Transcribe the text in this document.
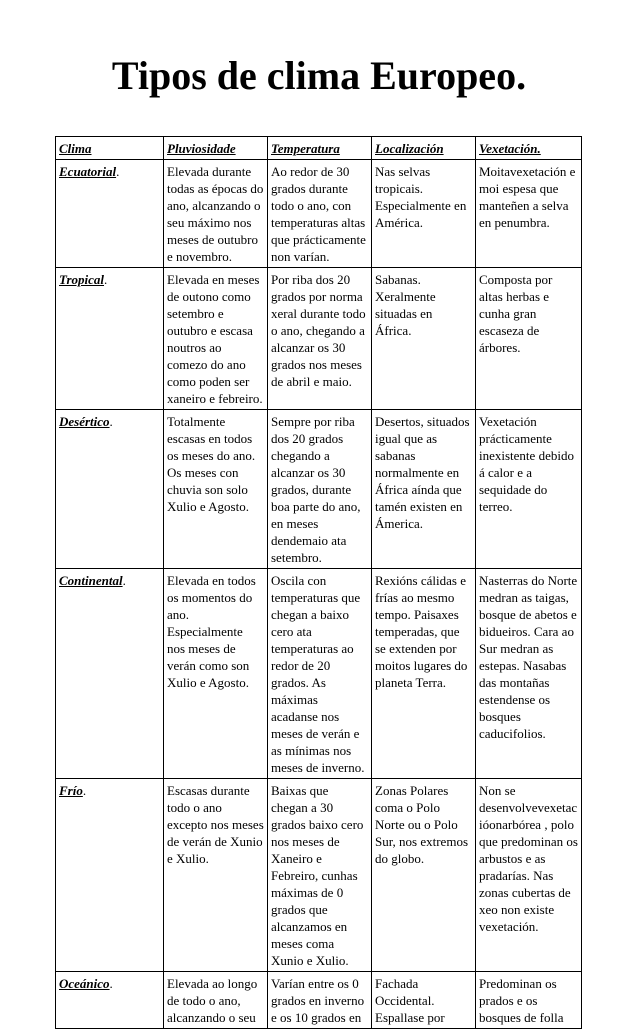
Tipos de clima Europeo.
Clima	Pluviosidade	Temperatura	Localización	Vexetación.
Ecuatorial.	Elevada durante todas as épocas do ano, alcanzando o seu máximo nos meses de outubro e novembro.	Ao redor de 30 grados durante todo o ano, con temperaturas altas que prácticamente non varían.	Nas selvas tropicais. Especialmente en América.	Moitavexetación e moi espesa que manteñen a selva en penumbra.
Tropical.	Elevada en meses de outono como setembro e outubro e escasa noutros ao comezo do ano como poden ser xaneiro e febreiro.	Por riba dos 20 grados por norma xeral durante todo o ano, chegando a alcanzar os 30 grados nos meses de abril e maio.	Sabanas. Xeralmente situadas en África.	Composta por altas herbas e cunha gran escaseza de árbores.
Desértico.	Totalmente escasas en todos os meses do ano. Os meses con chuvia son solo Xulio e Agosto.	Sempre por riba dos 20 grados chegando a alcanzar os 30 grados, durante boa parte do ano, en meses dendemaio ata setembro.	Desertos, situados igual que as sabanas normalmente en África aínda que tamén existen en Ámerica.	Vexetación prácticamente inexistente debido á calor e a sequidade do terreo.
Continental.	Elevada en todos os momentos do ano. Especialmente nos meses de verán como son Xulio e Agosto.	Oscila con temperaturas que chegan a baixo cero ata temperaturas ao redor de 20 grados. As máximas acadanse nos meses de verán e as mínimas nos meses de inverno.	Rexións cálidas e frías ao mesmo tempo. Paisaxes temperadas, que se extenden por moitos lugares do planeta Terra.	Nasterras do Norte medran as taigas, bosque de abetos e bidueiros. Cara ao Sur medran as estepas. Nasabas das montañas estendense os bosques caducifolios.
Frío.	Escasas durante todo o ano excepto nos meses de verán de Xunio e Xulio.	Baixas que chegan a 30 grados baixo cero nos meses de Xaneiro e Febreiro, cunhas máximas de 0 grados que alcanzamos en meses coma Xunio e Xulio.	Zonas Polares coma o Polo Norte ou o Polo Sur, nos extremos do globo.	Non se desenvolvevexetacióonarbórea , polo que predominan os arbustos e as pradarías. Nas zonas cubertas de xeo non existe vexetación.
Oceánico.	Elevada ao longo de todo o ano, alcanzando o seu	Varían entre os 0 grados en inverno e os 10 grados en	Fachada Occidental. Espallase por	Predominan os prados e os bosques de folla
